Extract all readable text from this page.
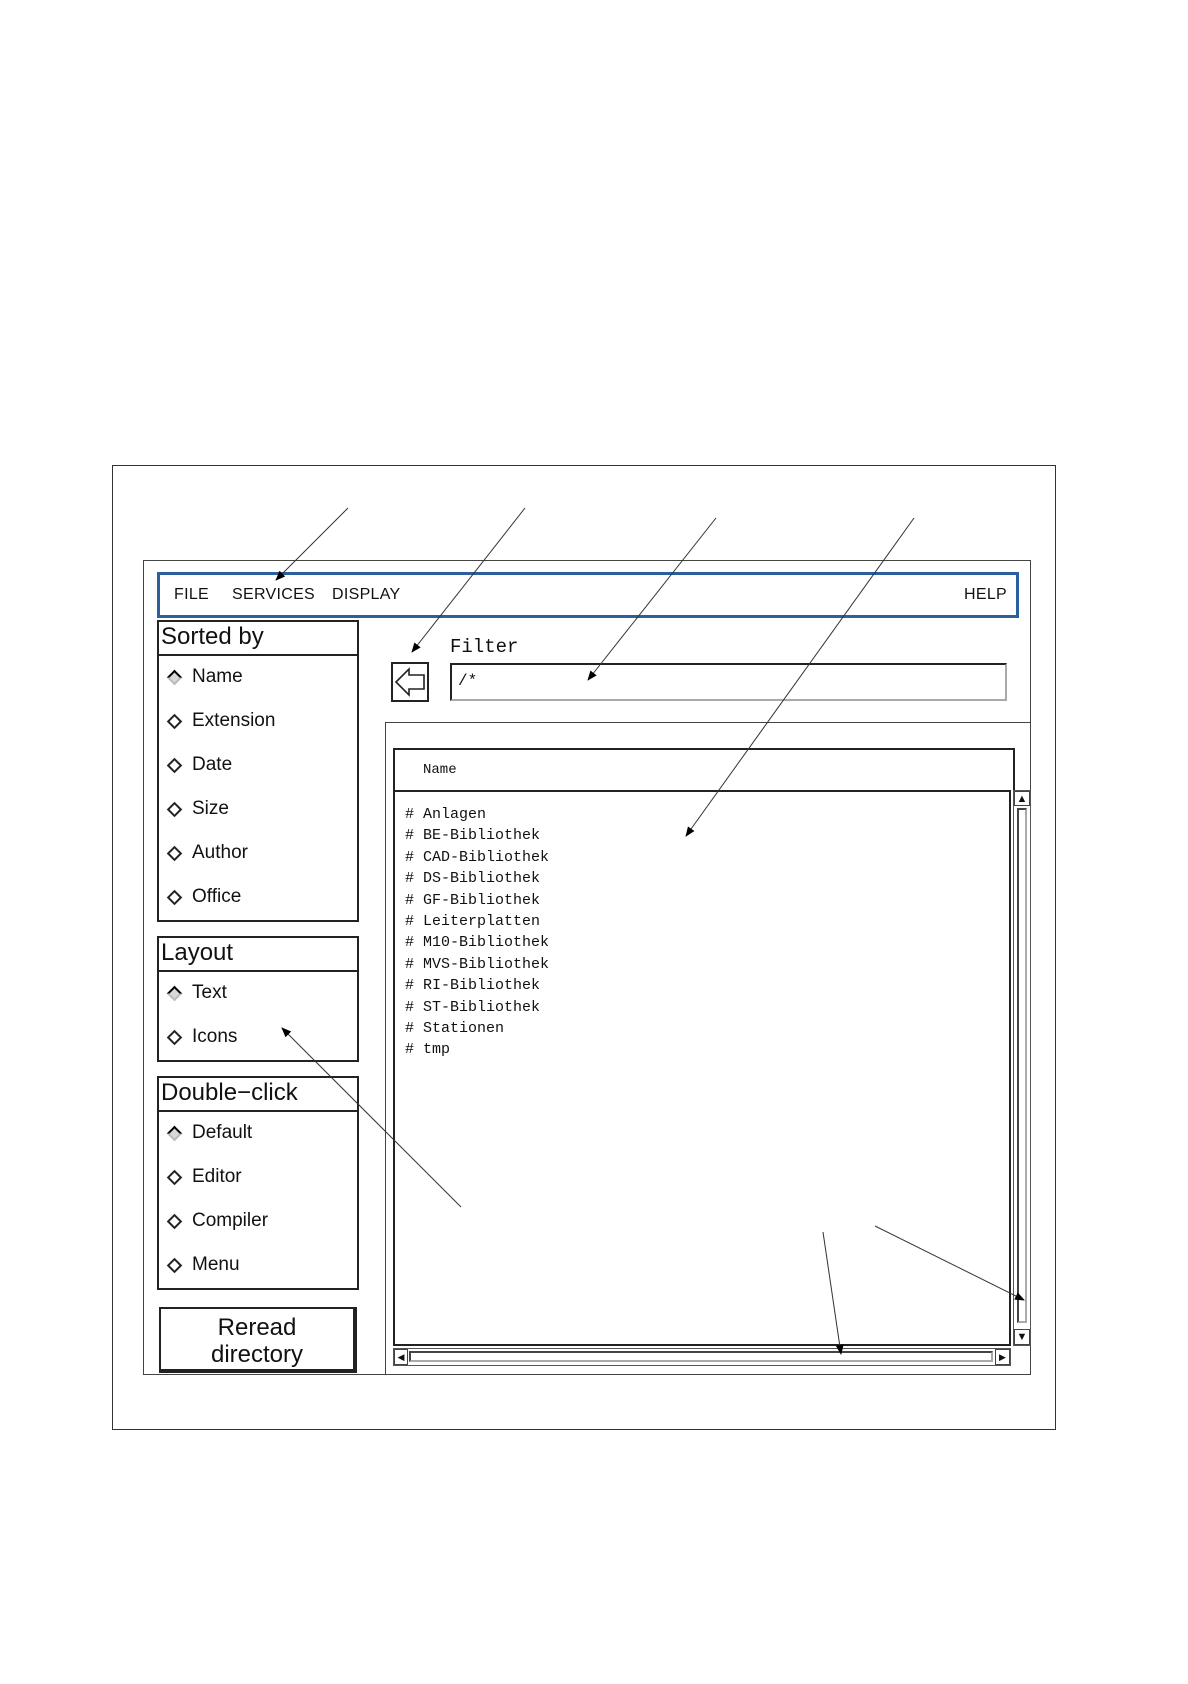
FILE SERVICES DISPLAY	HELP
Sorted by
Name
Extension
Date
Size
Author
Office
Layout
Text
Icons
Double−click
Default
Editor
Compiler
Menu
Reread
directory
Filter
/*
Name
# Anlagen
# BE-Bibliothek
# CAD-Bibliothek
# DS-Bibliothek
# GF-Bibliothek
# Leiterplatten
# M10-Bibliothek
# MVS-Bibliothek
# RI-Bibliothek
# ST-Bibliothek
# Stationen
# tmp
▲
▼
◀	▶
